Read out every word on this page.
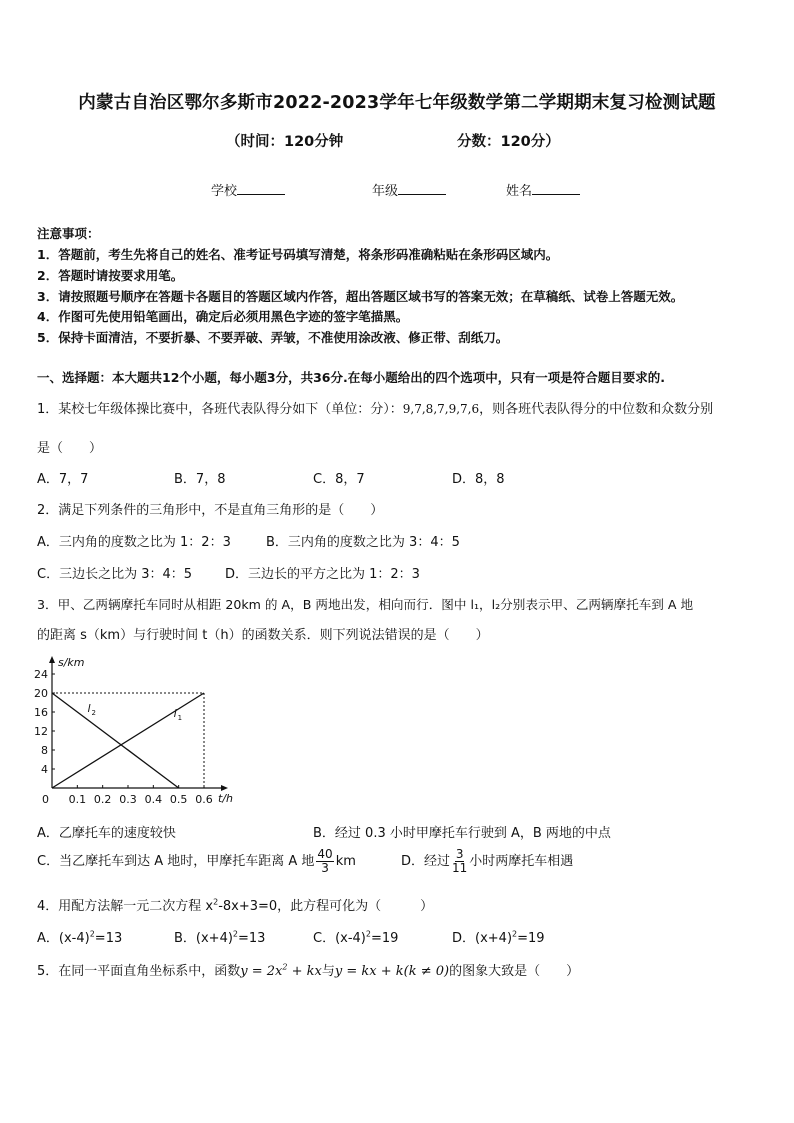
内蒙古自治区鄂尔多斯市2022-2023学年七年级数学第二学期期末复习检测试题
（时间：120分钟	分数：120分）
学校	年级	姓名
注意事项：
1．答题前，考生先将自己的姓名、准考证号码填写清楚，将条形码准确粘贴在条形码区域内。
2．答题时请按要求用笔。
3．请按照题号顺序在答题卡各题目的答题区域内作答，超出答题区域书写的答案无效；在草稿纸、试卷上答题无效。
4．作图可先使用铅笔画出，确定后必须用黑色字迹的签字笔描黑。
5．保持卡面清洁，不要折暴、不要弄破、弄皱，不准使用涂改液、修正带、刮纸刀。
一、选择题：本大题共12个小题，每小题3分，共36分.在每小题给出的四个选项中，只有一项是符合题目要求的.
1．某校七年级体操比赛中，各班代表队得分如下（单位：分）：9,7,8,7,9,7,6，则各班代表队得分的中位数和众数分别
是（　　）
A．7，7	B．7，8	C．8，7	D．8，8
2．满足下列条件的三角形中，不是直角三角形的是（　　）
A．三内角的度数之比为 1：2：3	B．三内角的度数之比为 3：4：5
C．三边长之比为 3：4：5	D．三边长的平方之比为 1：2：3
3．甲、乙两辆摩托车同时从相距 20km 的 A，B 两地出发，相向而行．图中 l₁，l₂分别表示甲、乙两辆摩托车到 A 地
的距离 s（km）与行驶时间 t（h）的函数关系．则下列说法错误的是（　　）
4
8
12
16
20
24
0.1 0.2 0.3 0.4 0.5 0.6
s/km
t/h
0
l 1
l 2
A．乙摩托车的速度较快	B．经过 0.3 小时甲摩托车行驶到 A，B 两地的中点
C．当乙摩托车到达 A 地时，甲摩托车距离 A 地 $\frac{40}{3}$ km	D．经过 $\frac{3}{11}$ 小时两摩托车相遇
4．用配方法解一元二次方程 $x^2-8x+3=0$，此方程可化为（　　　）
A．$(x-4)^2=13$	B．$(x+4)^2=13$	C．$(x-4)^2=19$	D．$(x+4)^2=19$
5．在同一平面直角坐标系中，函数$y = 2x^2$ + kx与y = kx + k(k ≠ 0)的图象大致是（　　）
